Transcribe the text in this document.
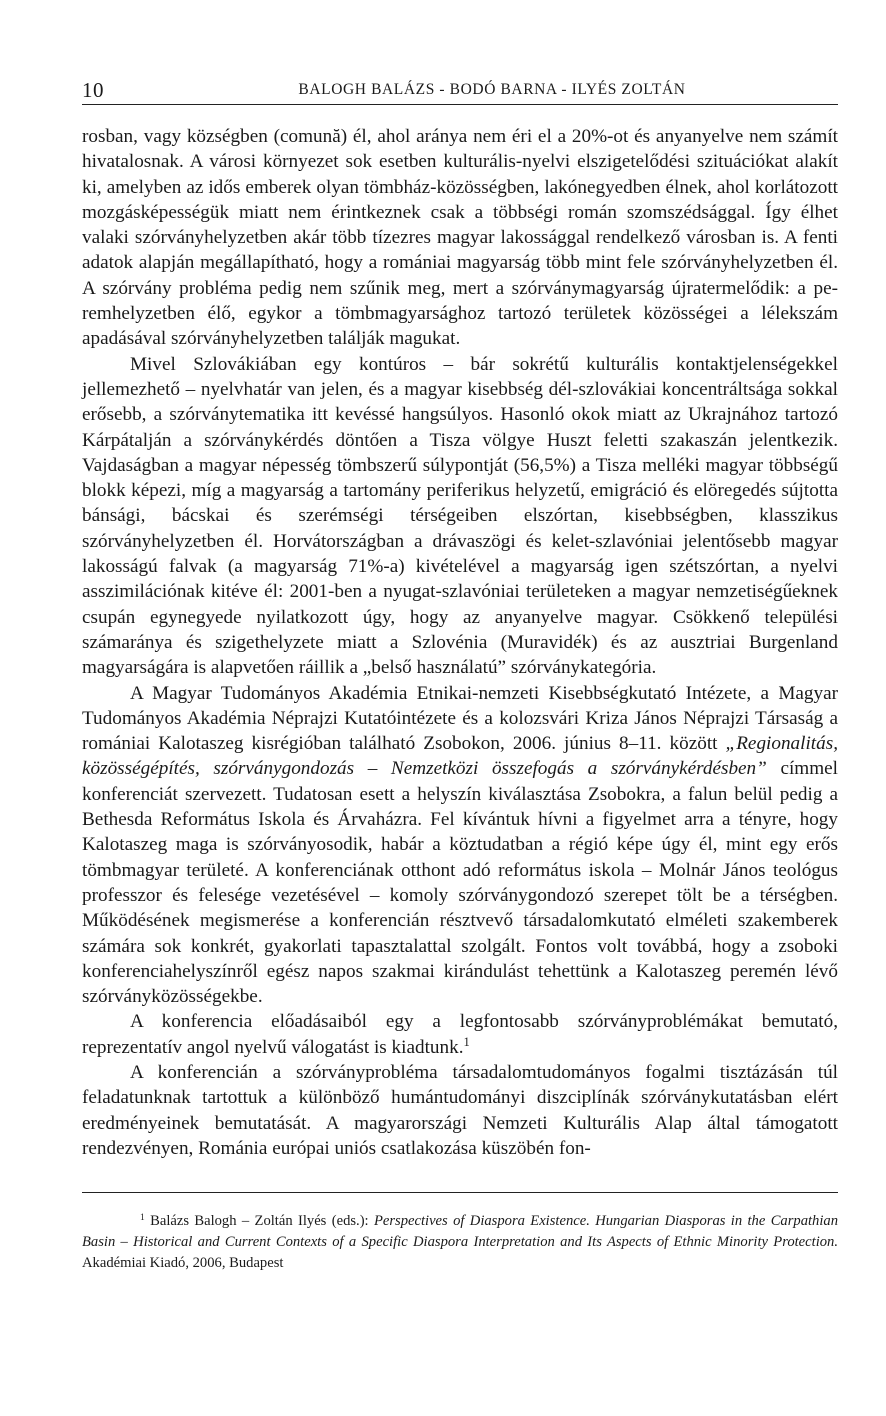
10	BALOGH BALÁZS - BODÓ BARNA - ILYÉS ZOLTÁN

rosban, vagy községben (comună) él, ahol aránya nem éri el a 20%-ot és anyanyelve nem számít hivatalosnak. A városi környezet sok esetben kulturális-nyelvi elszigetelődési szituációkat alakít ki, amelyben az idős emberek olyan tömbház-közösségben, lakónegyedben élnek, ahol korlátozott mozgásképességük miatt nem érintkeznek csak a többségi román szomszédsággal. Így élhet valaki szórványhelyzetben akár több tízezres magyar lakossággal rendelkező városban is. A fenti adatok alapján megállapítható, hogy a romániai magyarság több mint fele szórványhelyzetben él. A szórvány probléma pedig nem szűnik meg, mert a szórványmagyarság újratermelődik: a peremhelyzetben élő, egykor a tömbmagyarsághoz tartozó területek közösségei a lélekszám apadásával szórványhelyzetben találják magukat.

Mivel Szlovákiában egy kontúros – bár sokrétű kulturális kontaktjelenségekkel jellemezhető – nyelvhatár van jelen, és a magyar kisebbség dél-szlovákiai koncentráltsága sokkal erősebb, a szórványtematika itt kevéssé hangsúlyos. Hasonló okok miatt az Ukrajnához tartozó Kárpátalján a szórványkérdés döntően a Tisza völgye Huszt feletti szakaszán jelentkezik. Vajdaságban a magyar népesség tömbszerű súlypontját (56,5%) a Tisza melléki magyar többségű blokk képezi, míg a magyarság a tartomány periferikus helyzetű, emigráció és elöregedés sújtotta bánsági, bácskai és szerémségi térségeiben elszórtan, kisebbségben, klasszikus szórványhelyzetben él. Horvátországban a drávaszögi és kelet-szlavóniai jelentősebb magyar lakosságú falvak (a magyarság 71%-a) kivételével a magyarság igen szétszórtan, a nyelvi asszimilációnak kitéve él: 2001-ben a nyugat-szlavóniai területeken a magyar nemzetiségűeknek csupán egynegyede nyilatkozott úgy, hogy az anyanyelve magyar. Csökkenő települési számaránya és szigethelyzete miatt a Szlovénia (Muravidék) és az ausztriai Burgenland magyarságára is alapvetően ráillik a „belső használatú” szórványkategória.

A Magyar Tudományos Akadémia Etnikai-nemzeti Kisebbségkutató Intézete, a Magyar Tudományos Akadémia Néprajzi Kutatóintézete és a kolozsvári Kriza János Néprajzi Társaság a romániai Kalotaszeg kisrégióban található Zsobokon, 2006. június 8–11. között „Regionalitás, közösségépítés, szórványgondozás – Nemzetközi összefogás a szórványkérdésben” címmel konferenciát szervezett. Tudatosan esett a helyszín kiválasztása Zsobokra, a falun belül pedig a Bethesda Református Iskola és Árvaházra. Fel kívántuk hívni a figyelmet arra a tényre, hogy Kalotaszeg maga is szórványosodik, habár a köztudatban a régió képe úgy él, mint egy erős tömbmagyar területé. A konferenciának otthont adó református iskola – Molnár János teológus professzor és felesége vezetésével – komoly szórványgondozó szerepet tölt be a térségben. Működésének megismerése a konferencián résztvevő társadalomkutató elméleti szakemberek számára sok konkrét, gyakorlati tapasztalattal szolgált. Fontos volt továbbá, hogy a zsoboki konferenciahelyszínről egész napos szakmai kirándulást tehettünk a Kalotaszeg peremén lévő szórványközösségekbe.

A konferencia előadásaiból egy a legfontosabb szórványproblémákat bemutató, reprezentatív angol nyelvű válogatást is kiadtunk.$^1$

A konferencián a szórványprobléma társadalomtudományos fogalmi tisztázásán túl feladatunknak tartottuk a különböző humántudományi diszciplínák szórványkutatásban elért eredményeinek bemutatását. A magyarországi Nemzeti Kulturális Alap által támogatott rendezvényen, Románia európai uniós csatlakozása küszöbén fon-

$^1$ Balázs Balogh – Zoltán Ilyés (eds.): Perspectives of Diaspora Existence. Hungarian Diasporas in the Carpathian Basin – Historical and Current Contexts of a Specific Diaspora Interpretation and Its Aspects of Ethnic Minority Protection. Akadémiai Kiadó, 2006, Budapest
